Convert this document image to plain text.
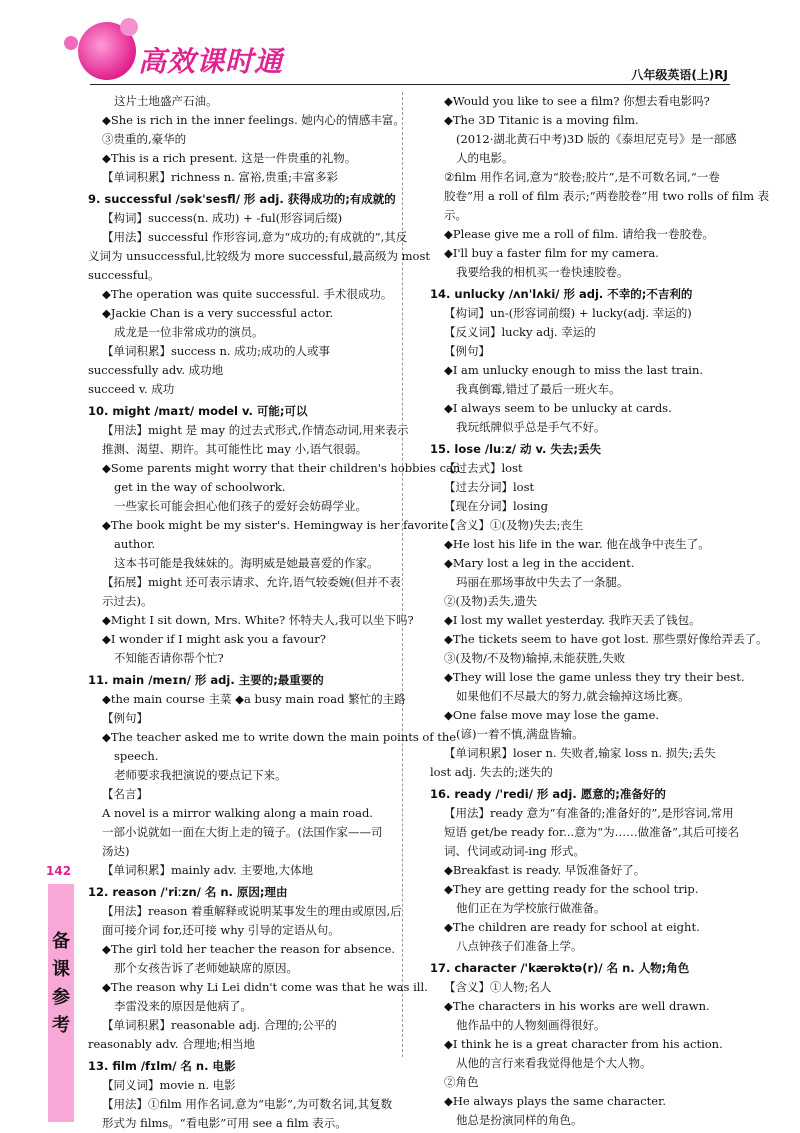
高效课时通	八年级英语(上)RJ
这片土地盛产石油。
◆She is rich in the inner feelings. 她内心的情感丰富。
③贵重的,豪华的
◆This is a rich present. 这是一件贵重的礼物。
【单词积累】richness n. 富裕,贵重;丰富多彩
9. successful /sək'sesfl/ 形 adj. 获得成功的;有成就的
【构词】success(n. 成功) + -ful(形容词后缀)
【用法】successful 作形容词,意为“成功的;有成就的”,其反
义词为 unsuccessful,比较级为 more successful,最高级为 most
successful。
◆The operation was quite successful. 手术很成功。
◆Jackie Chan is a very successful actor.
成龙是一位非常成功的演员。
【单词积累】success n. 成功;成功的人或事
successfully adv. 成功地
succeed v. 成功
10. might /maɪt/ model v. 可能;可以
【用法】might 是 may 的过去式形式,作情态动词,用来表示
推测、渴望、期许。其可能性比 may 小,语气很弱。
◆Some parents might worry that their children's hobbies can
get in the way of schoolwork.
一些家长可能会担心他们孩子的爱好会妨碍学业。
◆The book might be my sister's. Hemingway is her favorite
author.
这本书可能是我妹妹的。海明威是她最喜爱的作家。
【拓展】might 还可表示请求、允许,语气较委婉(但并不表
示过去)。
◆Might I sit down, Mrs. White? 怀特夫人,我可以坐下吗?
◆I wonder if I might ask you a favour?
不知能否请你帮个忙?
11. main /meɪn/ 形 adj. 主要的;最重要的
◆the main course 主菜 ◆a busy main road 繁忙的主路
【例句】
◆The teacher asked me to write down the main points of the
speech.
老师要求我把演说的要点记下来。
【名言】
A novel is a mirror walking along a main road.
一部小说就如一面在大街上走的镜子。(法国作家——司
汤达)
【单词积累】mainly adv. 主要地,大体地
12. reason /'riːzn/ 名 n. 原因;理由
【用法】reason 着重解释或说明某事发生的理由或原因,后
面可接介词 for,还可接 why 引导的定语从句。
◆The girl told her teacher the reason for absence.
那个女孩告诉了老师她缺席的原因。
◆The reason why Li Lei didn't come was that he was ill.
李雷没来的原因是他病了。
【单词积累】reasonable adj. 合理的;公平的
reasonably adv. 合理地;相当地
13. film /fɪlm/ 名 n. 电影
【同义词】movie n. 电影
【用法】①film 用作名词,意为“电影”,为可数名词,其复数
形式为 films。“看电影”可用 see a film 表示。
◆Would you like to see a film? 你想去看电影吗?
◆The 3D Titanic is a moving film.
(2012·湖北黄石中考)3D 版的《泰坦尼克号》是一部感
人的电影。
②film 用作名词,意为“胶卷;胶片”,是不可数名词,“一卷
胶卷”用 a roll of film 表示;“两卷胶卷”用 two rolls of film 表
示。
◆Please give me a roll of film. 请给我一卷胶卷。
◆I'll buy a faster film for my camera.
我要给我的相机买一卷快速胶卷。
14. unlucky /ʌn'lʌki/ 形 adj. 不幸的;不吉利的
【构词】un-(形容词前缀) + lucky(adj. 幸运的)
【反义词】lucky adj. 幸运的
【例句】
◆I am unlucky enough to miss the last train.
我真倒霉,错过了最后一班火车。
◆I always seem to be unlucky at cards.
我玩纸牌似乎总是手气不好。
15. lose /luːz/ 动 v. 失去;丢失
【过去式】lost
【过去分词】lost
【现在分词】losing
【含义】①(及物)失去;丧生
◆He lost his life in the war. 他在战争中丧生了。
◆Mary lost a leg in the accident.
玛丽在那场事故中失去了一条腿。
②(及物)丢失,遗失
◆I lost my wallet yesterday. 我昨天丢了钱包。
◆The tickets seem to have got lost. 那些票好像给弄丢了。
③(及物/不及物)输掉,未能获胜,失败
◆They will lose the game unless they try their best.
如果他们不尽最大的努力,就会输掉这场比赛。
◆One false move may lose the game.
(谚)一着不慎,满盘皆输。
【单词积累】loser n. 失败者,输家 loss n. 损失;丢失
lost adj. 失去的;迷失的
16. ready /'redi/ 形 adj. 愿意的;准备好的
【用法】ready 意为“有准备的;准备好的”,是形容词,常用
短语 get/be ready for...意为“为……做准备”,其后可接名
词、代词或动词-ing 形式。
◆Breakfast is ready. 早饭准备好了。
◆They are getting ready for the school trip.
他们正在为学校旅行做准备。
◆The children are ready for school at eight.
八点钟孩子们准备上学。
17. character /'kærəktə(r)/ 名 n. 人物;角色
【含义】①人物;名人
◆The characters in his works are well drawn.
他作品中的人物刻画得很好。
◆I think he is a great character from his action.
从他的言行来看我觉得他是个大人物。
②角色
◆He always plays the same character.
他总是扮演同样的角色。
142
备
课
参
考
